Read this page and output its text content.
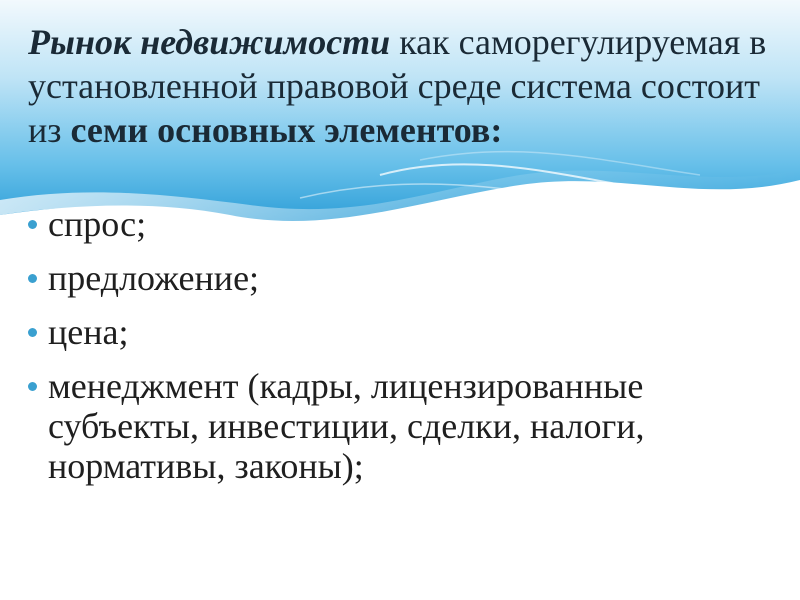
Рынок недвижимости как саморегулируемая в установленной правовой среде система состоит из семи основных элементов:
спрос;
предложение;
цена;
менеджмент (кадры, лицензированные субъекты, инвестиции, сделки, налоги, нормативы, законы);
